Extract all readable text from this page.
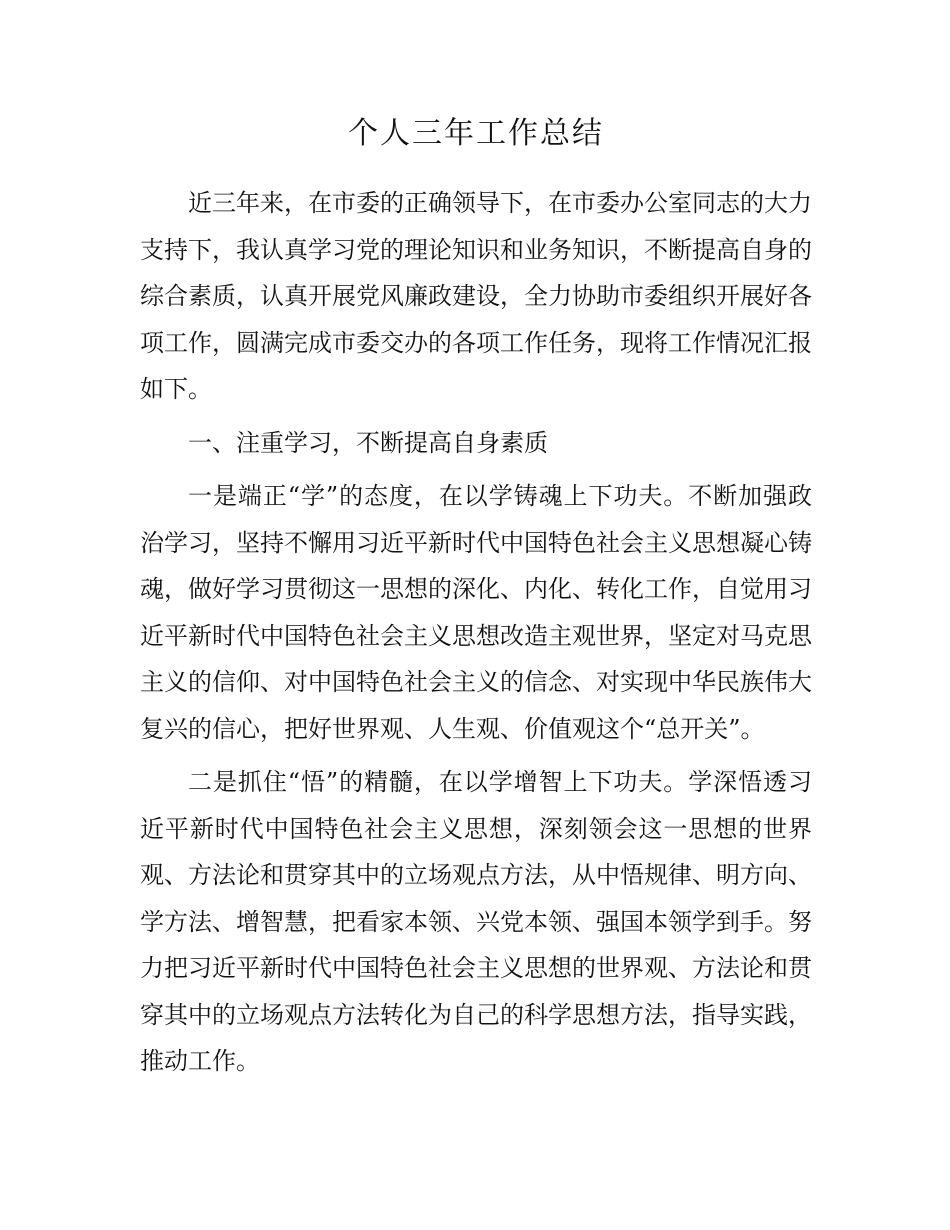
个人三年工作总结

近三年来，在市委的正确领导下，在市委办公室同志的大力支持下，我认真学习党的理论知识和业务知识，不断提高自身的综合素质，认真开展党风廉政建设，全力协助市委组织开展好各项工作，圆满完成市委交办的各项工作任务，现将工作情况汇报如下。

一、注重学习，不断提高自身素质

一是端正“学”的态度，在以学铸魂上下功夫。不断加强政治学习，坚持不懈用习近平新时代中国特色社会主义思想凝心铸魂，做好学习贯彻这一思想的深化、内化、转化工作，自觉用习近平新时代中国特色社会主义思想改造主观世界，坚定对马克思主义的信仰、对中国特色社会主义的信念、对实现中华民族伟大复兴的信心，把好世界观、人生观、价值观这个“总开关”。

二是抓住“悟”的精髓，在以学增智上下功夫。学深悟透习近平新时代中国特色社会主义思想，深刻领会这一思想的世界观、方法论和贯穿其中的立场观点方法，从中悟规律、明方向、学方法、增智慧，把看家本领、兴党本领、强国本领学到手。努力把习近平新时代中国特色社会主义思想的世界观、方法论和贯穿其中的立场观点方法转化为自己的科学思想方法，指导实践，推动工作。
